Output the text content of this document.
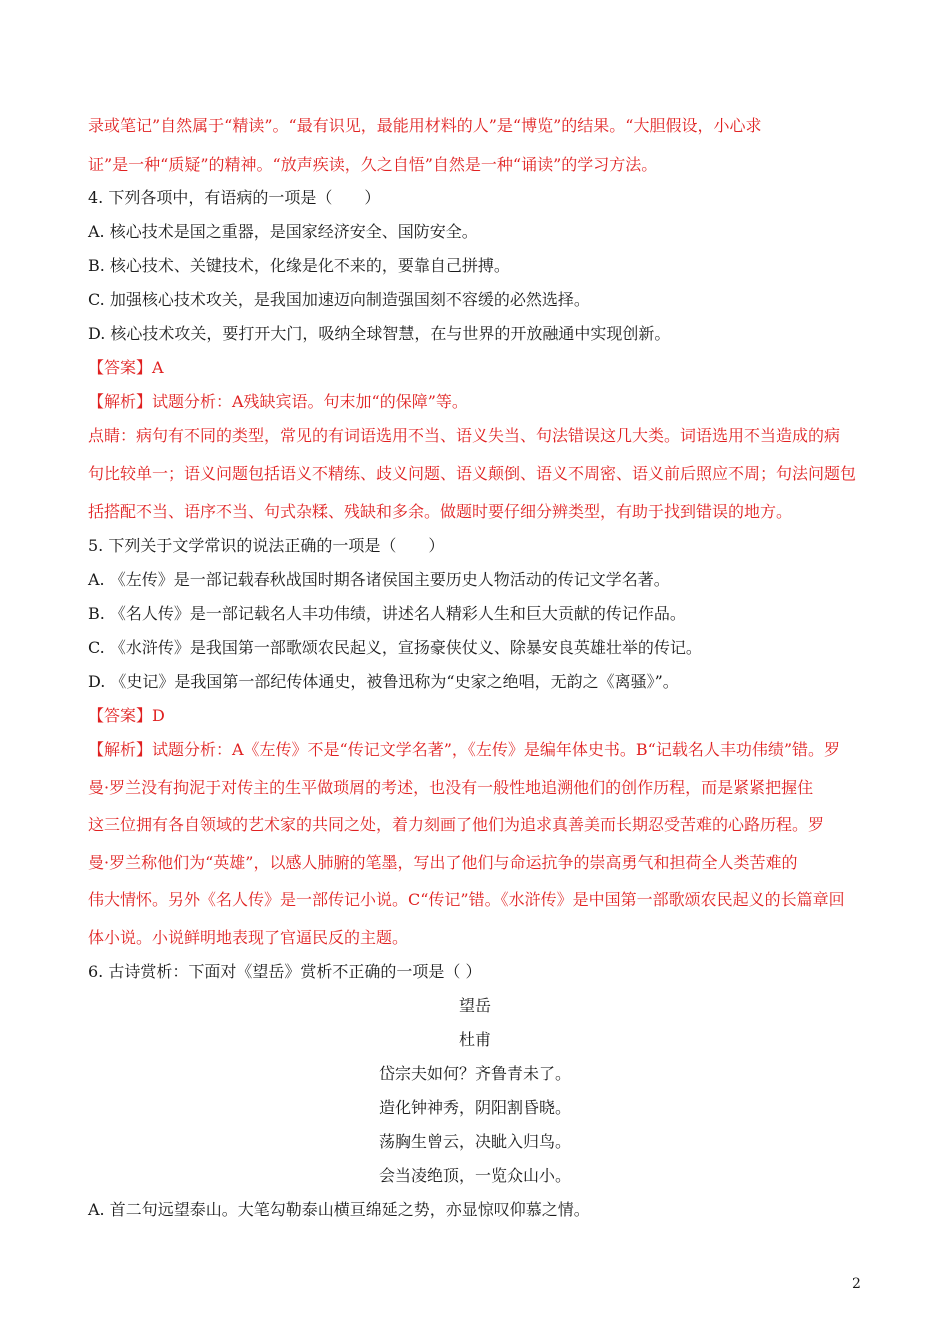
录或笔记”自然属于“精读”。“最有识见，最能用材料的人”是“博览”的结果。“大胆假设，小心求
证”是一种“质疑”的精神。“放声疾读，久之自悟”自然是一种“诵读”的学习方法。
4. 下列各项中，有语病的一项是（　　）
A. 核心技术是国之重器，是国家经济安全、国防安全。
B. 核心技术、关键技术，化缘是化不来的，要靠自己拼搏。
C. 加强核心技术攻关，是我国加速迈向制造强国刻不容缓的必然选择。
D. 核心技术攻关，要打开大门，吸纳全球智慧，在与世界的开放融通中实现创新。
【答案】A
【解析】试题分析：A残缺宾语。句末加“的保障”等。
点睛：病句有不同的类型，常见的有词语选用不当、语义失当、句法错误这几大类。词语选用不当造成的病
句比较单一；语义问题包括语义不精练、歧义问题、语义颠倒、语义不周密、语义前后照应不周；句法问题包
括搭配不当、语序不当、句式杂糅、残缺和多余。做题时要仔细分辨类型，有助于找到错误的地方。
5. 下列关于文学常识的说法正确的一项是（　　）
A. 《左传》是一部记载春秋战国时期各诸侯国主要历史人物活动的传记文学名著。
B. 《名人传》是一部记载名人丰功伟绩，讲述名人精彩人生和巨大贡献的传记作品。
C. 《水浒传》是我国第一部歌颂农民起义，宣扬豪侠仗义、除暴安良英雄壮举的传记。
D. 《史记》是我国第一部纪传体通史，被鲁迅称为“史家之绝唱，无韵之《离骚》”。
【答案】D
【解析】试题分析：A《左传》不是“传记文学名著”，《左传》是编年体史书。B“记载名人丰功伟绩”错。罗
曼·罗兰没有拘泥于对传主的生平做琐屑的考述，也没有一般性地追溯他们的创作历程，而是紧紧把握住
这三位拥有各自领域的艺术家的共同之处，着力刻画了他们为追求真善美而长期忍受苦难的心路历程。罗
曼·罗兰称他们为“英雄”，以感人肺腑的笔墨，写出了他们与命运抗争的崇高勇气和担荷全人类苦难的
伟大情怀。另外《名人传》是一部传记小说。C“传记”错。《水浒传》是中国第一部歌颂农民起义的长篇章回
体小说。小说鲜明地表现了官逼民反的主题。
6. 古诗赏析：下面对《望岳》赏析不正确的一项是（ ）
望岳
杜甫
岱宗夫如何？齐鲁青未了。
造化钟神秀，阴阳割昏晓。
荡胸生曾云，决眦入归鸟。
会当凌绝顶，一览众山小。
A. 首二句远望泰山。大笔勾勒泰山横亘绵延之势，亦显惊叹仰慕之情。
2
